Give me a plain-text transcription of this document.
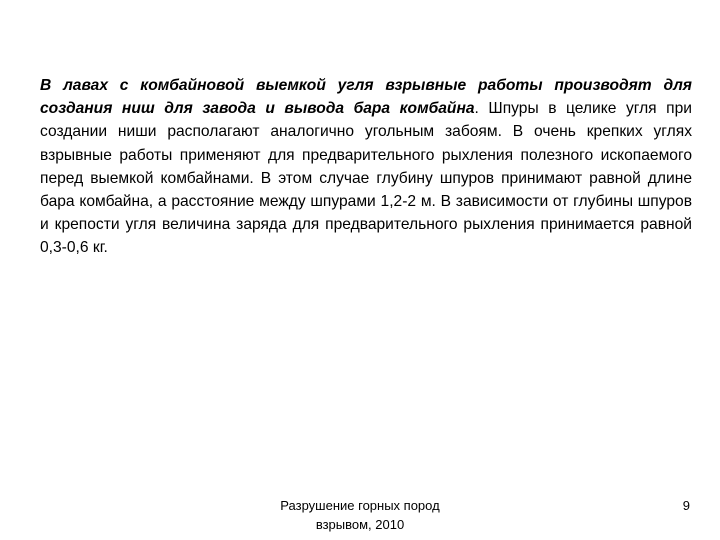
В лавах с комбайновой выемкой угля взрывные работы производят для создания ниш для завода и вывода бара комбайна. Шпуры в целике угля при создании ниши располагают аналогично угольным забоям. В очень крепких углях взрывные работы применяют для предварительного рыхления полезного ископаемого перед выемкой комбайнами. В этом случае глубину шпуров принимают равной длине бара комбайна, а расстояние между шпурами 1,2-2 м. В зависимости от глубины шпуров и крепости угля величина заряда для предварительного рыхления принимается равной 0,3-0,6 кг.

Разрушение горных пород
взрывом, 2010
9
